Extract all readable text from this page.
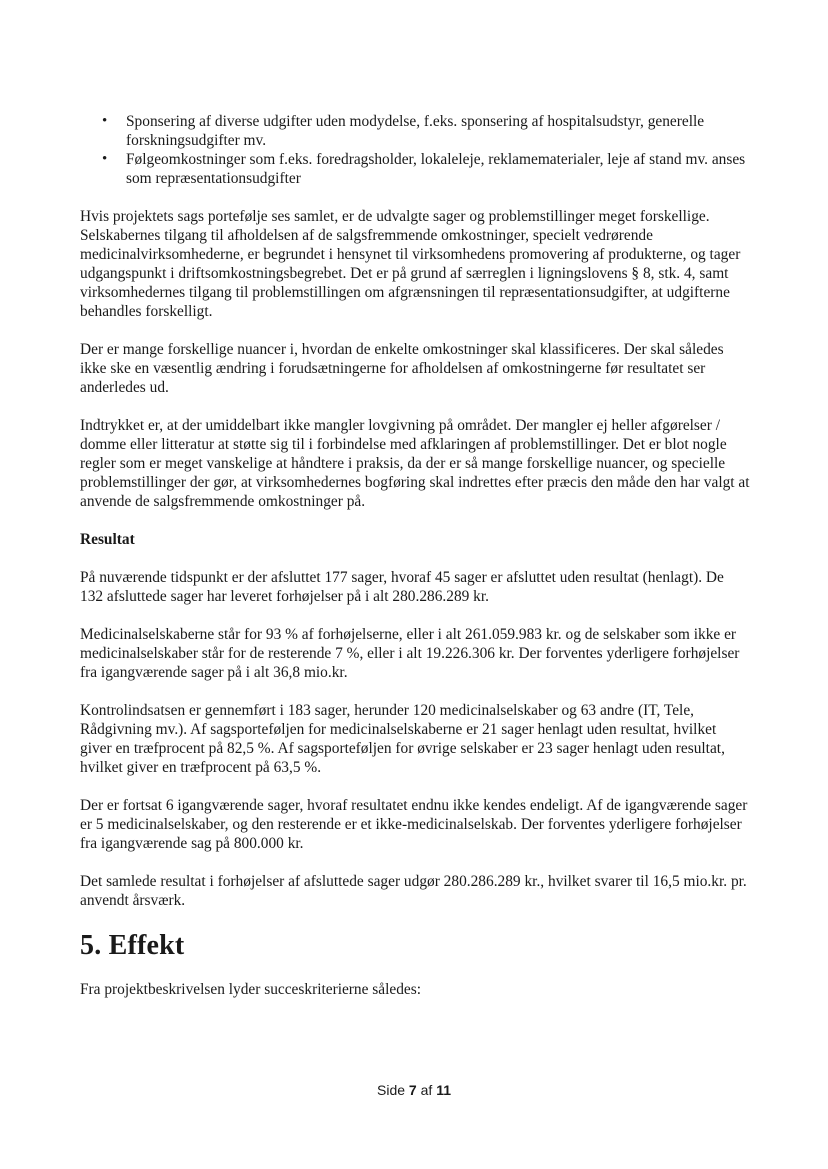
• Sponsering af diverse udgifter uden modydelse, f.eks. sponsering af hospitalsudstyr, generelle forskningsudgifter mv.
• Følgeomkostninger som f.eks. foredragsholder, lokaleleje, reklamematerialer, leje af stand mv. anses som repræsentationsudgifter

Hvis projektets sags portefølje ses samlet, er de udvalgte sager og problemstillinger meget forskellige. Selskabernes tilgang til afholdelsen af de salgsfremmende omkostninger, specielt vedrørende medicinalvirksomhederne, er begrundet i hensynet til virksomhedens promovering af produkterne, og tager udgangspunkt i driftsomkostningsbegrebet. Det er på grund af særreglen i ligningslovens § 8, stk. 4, samt virksomhedernes tilgang til problemstillingen om afgrænsningen til repræsentationsudgifter, at udgifterne behandles forskelligt.

Der er mange forskellige nuancer i, hvordan de enkelte omkostninger skal klassificeres. Der skal således ikke ske en væsentlig ændring i forudsætningerne for afholdelsen af omkostningerne før resultatet ser anderledes ud.

Indtrykket er, at der umiddelbart ikke mangler lovgivning på området. Der mangler ej heller afgørelser / domme eller litteratur at støtte sig til i forbindelse med afklaringen af problemstillinger. Det er blot nogle regler som er meget vanskelige at håndtere i praksis, da der er så mange forskellige nuancer, og specielle problemstillinger der gør, at virksomhedernes bogføring skal indrettes efter præcis den måde den har valgt at anvende de salgsfremmende omkostninger på.

Resultat

På nuværende tidspunkt er der afsluttet 177 sager, hvoraf 45 sager er afsluttet uden resultat (henlagt). De 132 afsluttede sager har leveret forhøjelser på i alt 280.286.289 kr.

Medicinalselskaberne står for 93 % af forhøjelserne, eller i alt 261.059.983 kr. og de selskaber som ikke er medicinalselskaber står for de resterende 7 %, eller i alt 19.226.306 kr. Der forventes yderligere forhøjelser fra igangværende sager på i alt 36,8 mio.kr.

Kontrolindsatsen er gennemført i 183 sager, herunder 120 medicinalselskaber og 63 andre (IT, Tele, Rådgivning mv.). Af sagsporteføljen for medicinalselskaberne er 21 sager henlagt uden resultat, hvilket giver en træfprocent på 82,5 %. Af sagsporteføljen for øvrige selskaber er 23 sager henlagt uden resultat, hvilket giver en træfprocent på 63,5 %.

Der er fortsat 6 igangværende sager, hvoraf resultatet endnu ikke kendes endeligt. Af de igangværende sager er 5 medicinalselskaber, og den resterende er et ikke-medicinalselskab. Der forventes yderligere forhøjelser fra igangværende sag på 800.000 kr.

Det samlede resultat i forhøjelser af afsluttede sager udgør 280.286.289 kr., hvilket svarer til 16,5 mio.kr. pr. anvendt årsværk.

5. Effekt

Fra projektbeskrivelsen lyder succeskriterierne således:

Side 7 af 11
